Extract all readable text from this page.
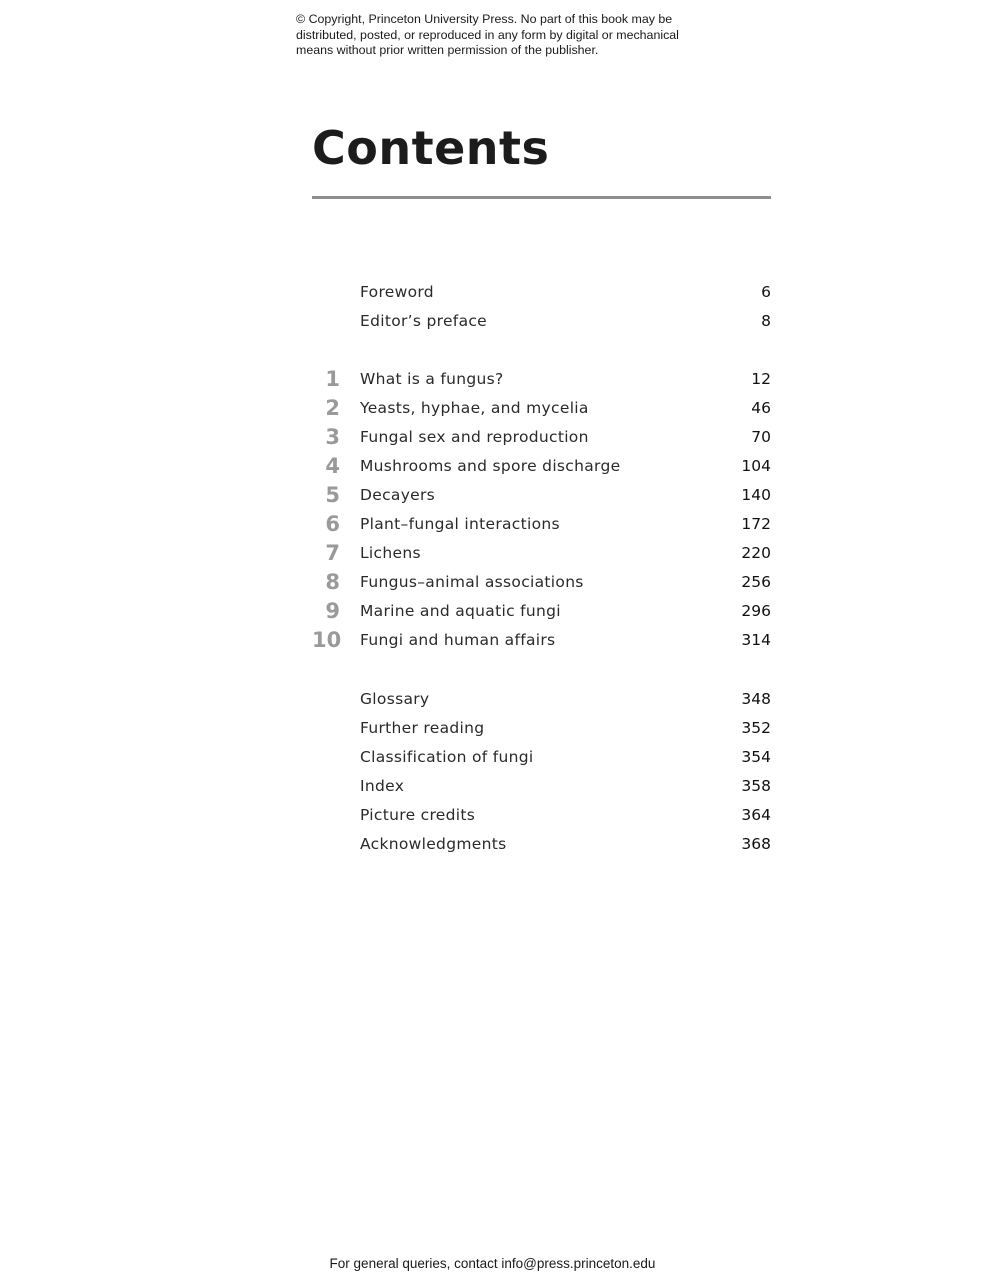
© Copyright, Princeton University Press. No part of this book may be
distributed, posted, or reproduced in any form by digital or mechanical
means without prior written permission of the publisher.
Contents
Foreword	6
Editor’s preface	8
1 What is a fungus?	12
2 Yeasts, hyphae, and mycelia	46
3 Fungal sex and reproduction	70
4 Mushrooms and spore discharge	104
5 Decayers	140
6 Plant–fungal interactions	172
7 Lichens	220
8 Fungus–animal associations	256
9 Marine and aquatic fungi	296
10 Fungi and human affairs	314
Glossary	348
Further reading	352
Classification of fungi	354
Index	358
Picture credits	364
Acknowledgments	368
For general queries, contact info@press.princeton.edu
